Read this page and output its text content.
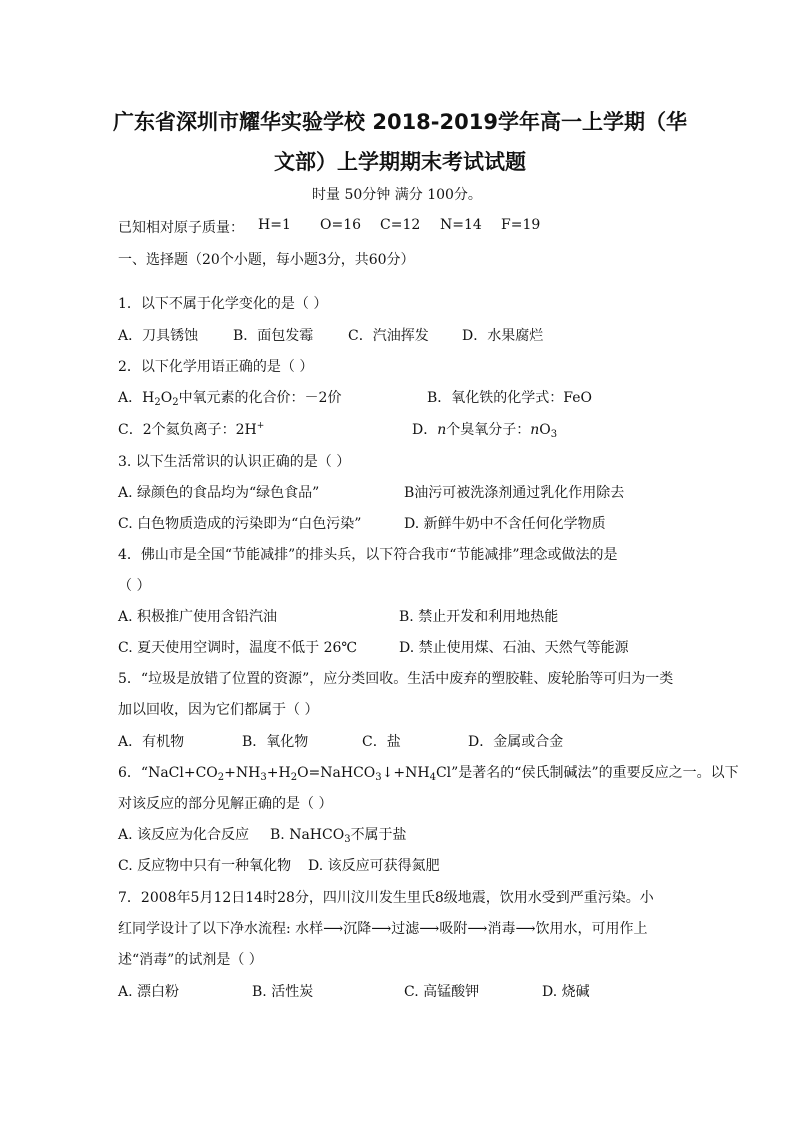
广东省深圳市耀华实验学校 2018-2019学年高一上学期（华
文部）上学期期末考试试题
时量 50分钟 满分 100分。
已知相对原子质量： H=1 O=16 C=12 N=14 F=19
一、选择题（20个小题，每小题3分，共60分）
1．以下不属于化学变化的是（ ）
A．刀具锈蚀 B．面包发霉 C．汽油挥发 D．水果腐烂
2．以下化学用语正确的是（ ）
A．$H_2O_2$中氧元素的化合价：－2价	B．氧化铁的化学式：FeO
C．2个氦负离子：2H+	D．n个臭氧分子：$nO_3$
3. 以下生活常识的认识正确的是（ ）
A. 绿颜色的食品均为“绿色食品”	B油污可被洗涤剂通过乳化作用除去
C. 白色物质造成的污染即为“白色污染”	D. 新鲜牛奶中不含任何化学物质
4．佛山市是全国“节能减排”的排头兵，以下符合我市“节能减排”理念或做法的是
（ ）
A. 积极推广使用含铅汽油	B. 禁止开发和利用地热能
C. 夏天使用空调时，温度不低于 26℃	D. 禁止使用煤、石油、天然气等能源
5．“垃圾是放错了位置的资源”，应分类回收。生活中废弃的塑胶鞋、废轮胎等可归为一类
加以回收，因为它们都属于（ ）
A．有机物	B．氧化物	C．盐	D．金属或合金
6．“$NaCl+CO_2+NH_3+H_2O=NaHCO_3↓+NH_4Cl$”是著名的“侯氏制碱法”的重要反应之一。以下
对该反应的部分见解正确的是（ ）
A. 该反应为化合反应 B. NaHCO$_3$不属于盐
C. 反应物中只有一种氧化物 D. 该反应可获得氮肥
7．2008年5月12日14时28分，四川汶川发生里氏8级地震，饮用水受到严重污染。小
红同学设计了以下净水流程: 水样⟶沉降⟶过滤⟶吸附⟶消毒⟶饮用水，可用作上
述“消毒”的试剂是（ ）
A. 漂白粉	B. 活性炭	C. 高锰酸钾	D. 烧碱
